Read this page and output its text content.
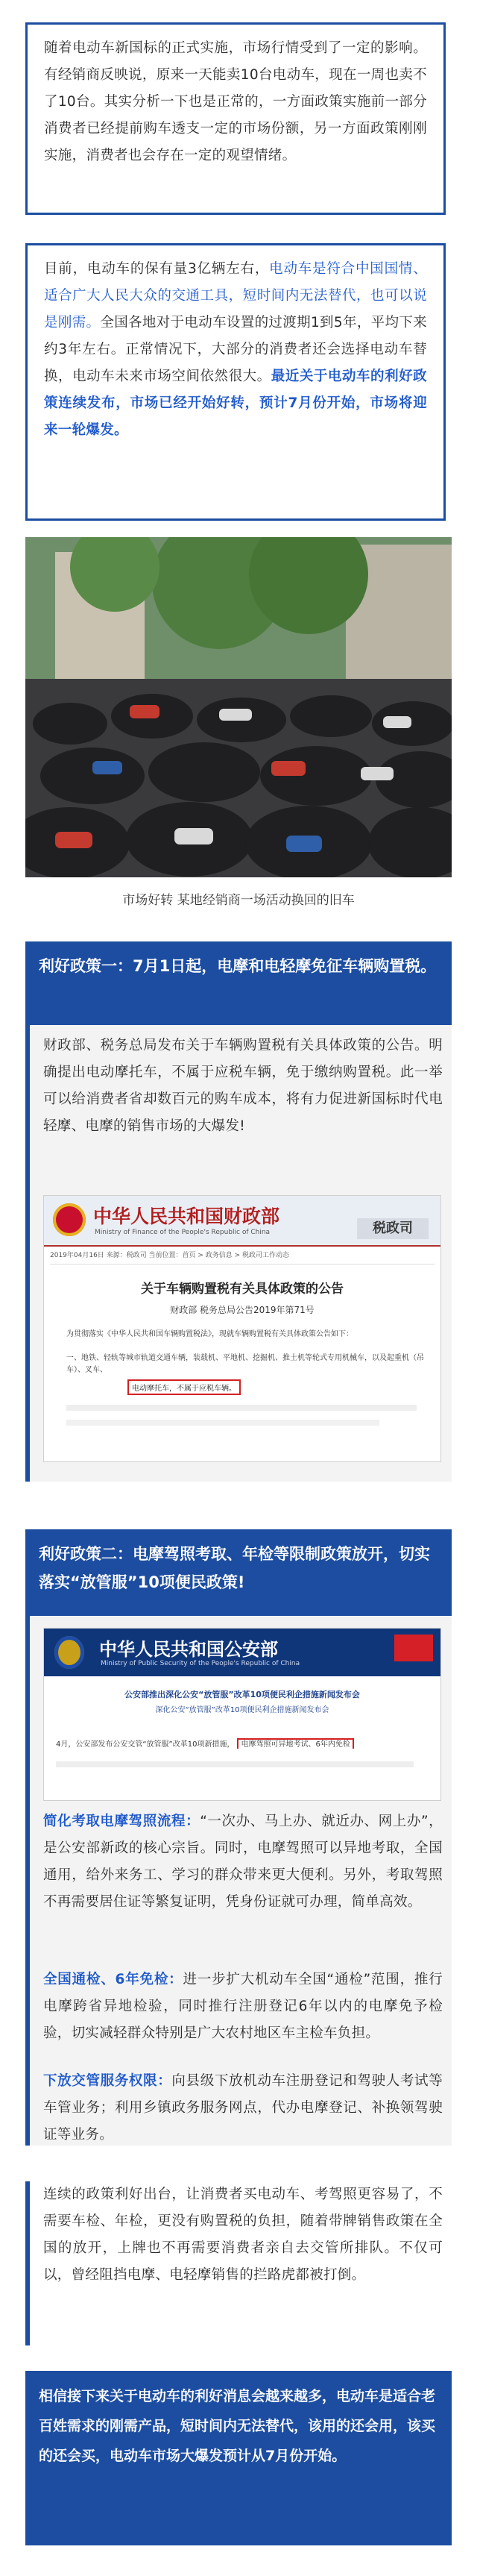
随着电动车新国标的正式实施，市场行情受到了一定的影响。有经销商反映说，原来一天能卖10台电动车，现在一周也卖不了10台。其实分析一下也是正常的，一方面政策实施前一部分消费者已经提前购车透支一定的市场份额，另一方面政策刚刚实施，消费者也会存在一定的观望情绪。

目前，电动车的保有量3亿辆左右，电动车是符合中国国情、适合广大人民大众的交通工具，短时间内无法替代，也可以说是刚需。全国各地对于电动车设置的过渡期1到5年，平均下来约3年左右。正常情况下，大部分的消费者还会选择电动车替换，电动车未来市场空间依然很大。最近关于电动车的利好政策连续发布，市场已经开始好转，预计7月份开始，市场将迎来一轮爆发。

市场好转 某地经销商一场活动换回的旧车
利好政策一：7月1日起，电摩和电轻摩免征车辆购置税。

财政部、税务总局发布关于车辆购置税有关具体政策的公告。明确提出电动摩托车，不属于应税车辆，免于缴纳购置税。此一举可以给消费者省却数百元的购车成本，将有力促进新国标时代电轻摩、电摩的销售市场的大爆发!

中华人民共和国财政部
Ministry of Finance of the People's Republic of China	税政司
2019年04月16日 来源：税政司 当前位置：首页 > 政务信息 > 税政司工作动态
关于车辆购置税有关具体政策的公告
财政部 税务总局公告2019年第71号
为贯彻落实《中华人民共和国车辆购置税法》，现就车辆购置税有关具体政策公告如下：
一、地铁、轻轨等城市轨道交通车辆，装载机、平地机、挖掘机、推土机等轮式专用机械车，以及起重机（吊车）、叉车、
电动摩托车，不属于应税车辆。
利好政策二：电摩驾照考取、年检等限制政策放开，切实落实“放管服”10项便民政策!
中华人民共和国公安部
Ministry of Public Security of the People's Republic of China
公安部推出深化公安“放管服”改革10项便民利企措施新闻发布会
深化公安“放管服”改革10项便民利企措施新闻发布会
4月，公安部发布公安交管“放管服”改革10项新措施， 电摩驾照可异地考试、6年内免检

简化考取电摩驾照流程：“一次办、马上办、就近办、网上办”，是公安部新政的核心宗旨。同时，电摩驾照可以异地考取，全国通用，给外来务工、学习的群众带来更大便利。另外，考取驾照不再需要居住证等繁复证明，凭身份证就可办理，简单高效。

全国通检、6年免检：进一步扩大机动车全国“通检”范围，推行电摩跨省异地检验，同时推行注册登记6年以内的电摩免予检验，切实减轻群众特别是广大农村地区车主检车负担。

下放交管服务权限：向县级下放机动车注册登记和驾驶人考试等车管业务；利用乡镇政务服务网点，代办电摩登记、补换领驾驶证等业务。

连续的政策利好出台，让消费者买电动车、考驾照更容易了，不需要车检、年检，更没有购置税的负担，随着带牌销售政策在全国的放开，上牌也不再需要消费者亲自去交管所排队。不仅可以，曾经阻挡电摩、电轻摩销售的拦路虎都被打倒。

相信接下来关于电动车的利好消息会越来越多，电动车是适合老百姓需求的刚需产品，短时间内无法替代，该用的还会用，该买的还会买，电动车市场大爆发预计从7月份开始。
